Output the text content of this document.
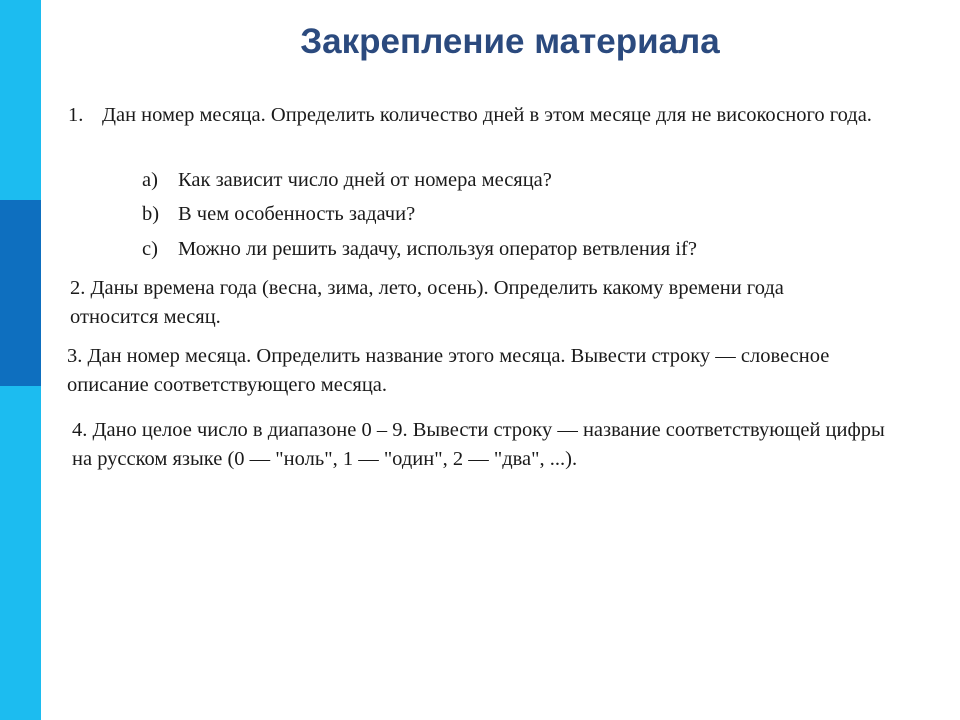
Закрепление материала
1. Дан номер месяца. Определить количество дней в этом месяце для не високосного года.
a) Как зависит число дней от номера месяца?
b) В чем особенность задачи?
c) Можно ли решить задачу, используя оператор ветвления if?
2. Даны времена года (весна, зима, лето, осень). Определить какому времени года относится месяц.
3. Дан номер месяца. Определить название этого месяца. Вывести строку — словесное описание соответствующего месяца.
4. Дано целое число в диапазоне 0 – 9. Вывести строку — название соответствующей цифры на русском языке (0 — "ноль", 1 — "один", 2 — "два", ...).
